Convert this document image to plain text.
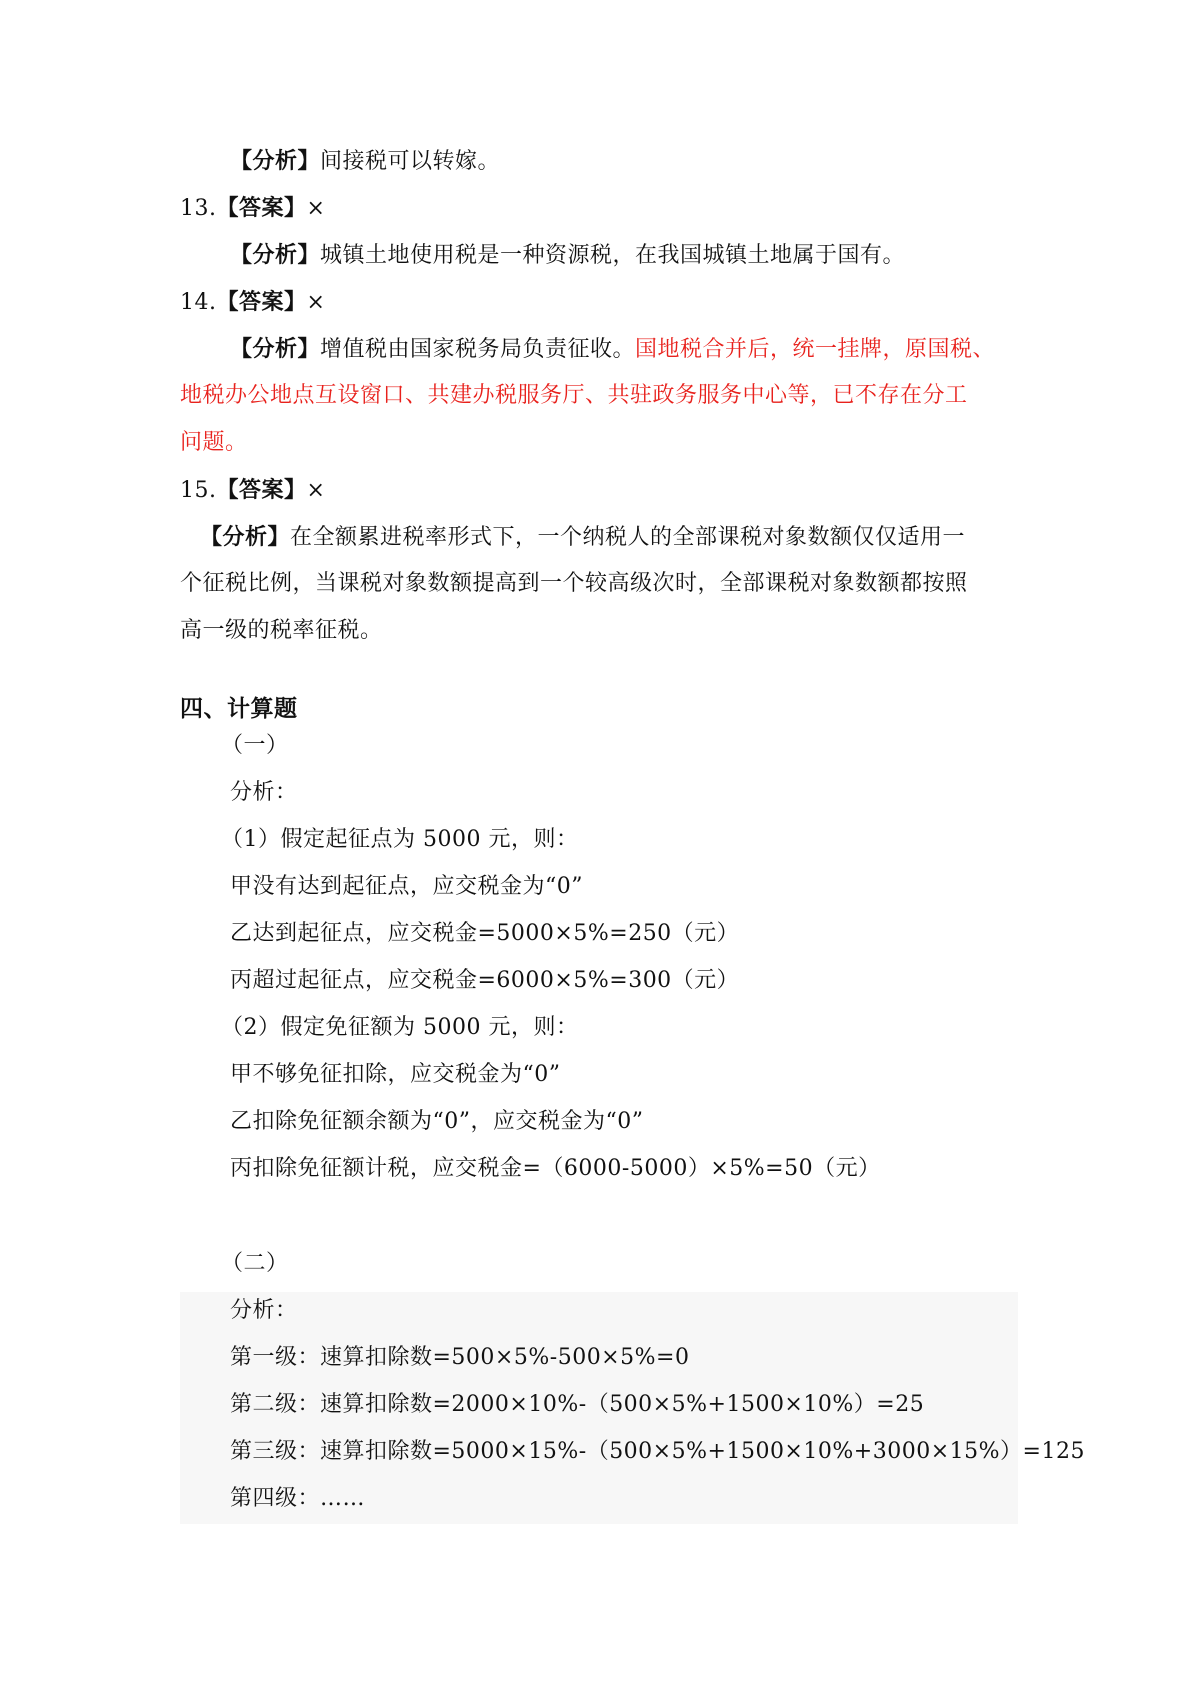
【分析】间接税可以转嫁。
13.【答案】×
【分析】城镇土地使用税是一种资源税，在我国城镇土地属于国有。
14.【答案】×
【分析】增值税由国家税务局负责征收。国地税合并后，统一挂牌，原国税、
地税办公地点互设窗口、共建办税服务厅、共驻政务服务中心等，已不存在分工
问题。
15.【答案】×
【分析】在全额累进税率形式下，一个纳税人的全部课税对象数额仅仅适用一
个征税比例，当课税对象数额提高到一个较高级次时，全部课税对象数额都按照
高一级的税率征税。
四、计算题
（一）
分析：
（1）假定起征点为 5000 元，则：
甲没有达到起征点，应交税金为“0”
乙达到起征点，应交税金=5000×5%=250（元）
丙超过起征点，应交税金=6000×5%=300（元）
（2）假定免征额为 5000 元，则：
甲不够免征扣除，应交税金为“0”
乙扣除免征额余额为“0”，应交税金为“0”
丙扣除免征额计税，应交税金=（6000-5000）×5%=50（元）
（二）
分析：
第一级：速算扣除数=500×5%-500×5%=0
第二级：速算扣除数=2000×10%-（500×5%+1500×10%）=25
第三级：速算扣除数=5000×15%-（500×5%+1500×10%+3000×15%）=125
第四级：……
